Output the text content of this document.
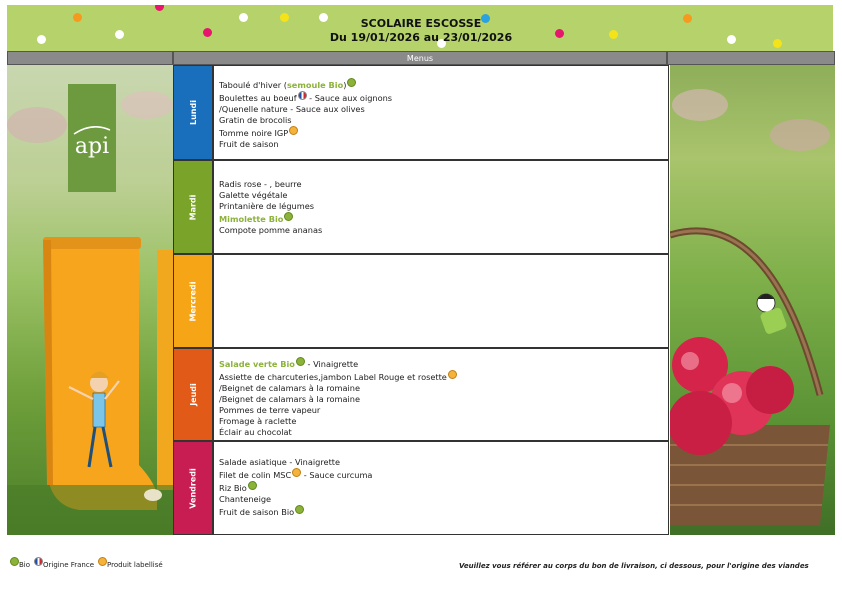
SCOLAIRE ESCOSSE
Du 19/01/2026 au 23/01/2026
Menus
api
Lundi
Mardi
Mercredi
Jeudi
Vendredi
Taboulé d'hiver (semoule Bio)
Boulettes au boeuf - Sauce aux oignons
/Quenelle nature - Sauce aux olives
Gratin de brocolis
Tomme noire IGP
Fruit de saison
Radis rose - , beurre
Galette végétale
Printanière de légumes
Mimolette Bio
Compote pomme ananas
Salade verte Bio - Vinaigrette
Assiette de charcuteries,jambon Label Rouge et rosette
/Beignet de calamars à la romaine
/Beignet de calamars à la romaine
Pommes de terre vapeur
Fromage à raclette
Éclair au chocolat
Salade asiatique - Vinaigrette
Filet de colin MSC - Sauce curcuma
Riz Bio
Chanteneige
Fruit de saison Bio
Bio Origine France Produit labellisé	Veuillez vous référer au corps du bon de livraison, ci dessous, pour l'origine des viandes
